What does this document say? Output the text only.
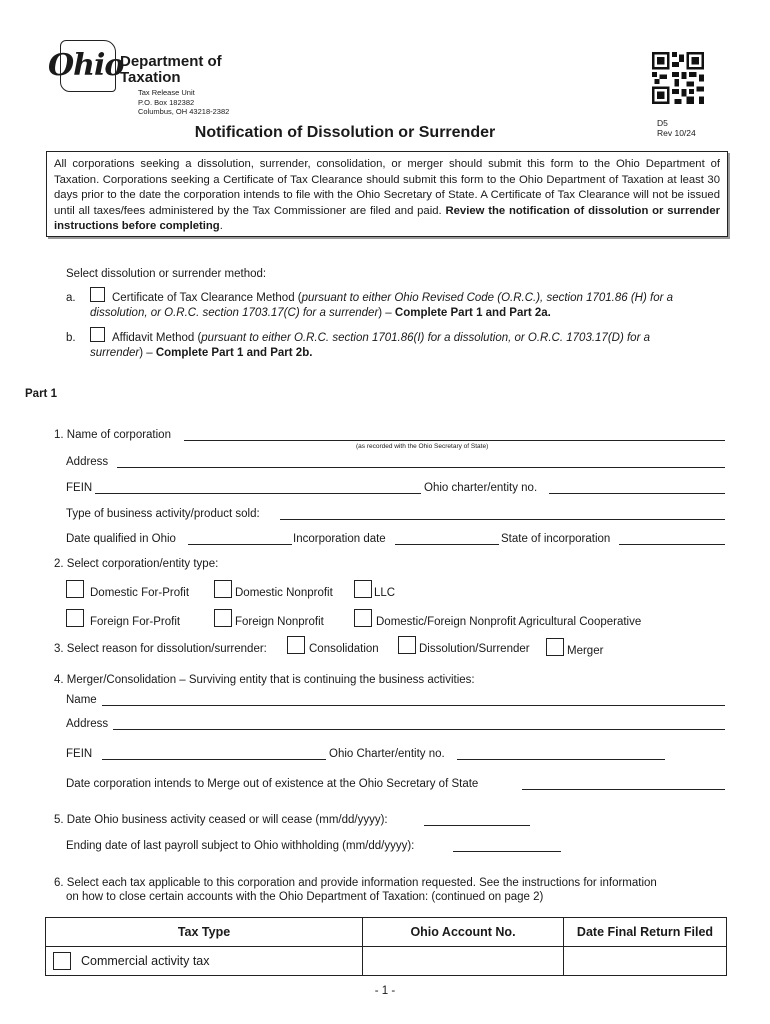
Ohio
Department of
Taxation
Tax Release Unit
P.O. Box 182382
Columbus, OH 43218-2382
D5
Rev 10/24
Notification of Dissolution or Surrender

All corporations seeking a dissolution, surrender, consolidation, or merger should submit this form to the Ohio Department of Taxation. Corporations seeking a Certificate of Tax Clearance should submit this form to the Ohio Department of Taxation at least 30 days prior to the date the corporation intends to file with the Ohio Secretary of State. A Certificate of Tax Clearance will not be issued until all taxes/fees administered by the Tax Commissioner are filed and paid. Review the notification of dissolution or surrender instructions before completing.

Select dissolution or surrender method:
a.	Certificate of Tax Clearance Method (pursuant to either Ohio Revised Code (O.R.C.), section 1701.86 (H) for a
dissolution, or O.R.C. section 1703.17(C) for a surrender) – Complete Part 1 and Part 2a.
b.	Affidavit Method (pursuant to either O.R.C. section 1701.86(I) for a dissolution, or O.R.C. 1703.17(D) for a
surrender) – Complete Part 1 and Part 2b.
Part 1
1. Name of corporation
(as recorded with the Ohio Secretary of State)
Address
FEIN	Ohio charter/entity no.
Type of business activity/product sold:
Date qualified in Ohio	Incorporation date	State of incorporation
2. Select corporation/entity type:
Domestic For-Profit	Domestic Nonprofit	LLC
Foreign For-Profit	Foreign Nonprofit	Domestic/Foreign Nonprofit Agricultural Cooperative
3. Select reason for dissolution/surrender:	Consolidation	Dissolution/Surrender	Merger
4. Merger/Consolidation – Surviving entity that is continuing the business activities:
Name
Address
FEIN	Ohio Charter/entity no.
Date corporation intends to Merge out of existence at the Ohio Secretary of State
5. Date Ohio business activity ceased or will cease (mm/dd/yyyy):
Ending date of last payroll subject to Ohio withholding (mm/dd/yyyy):
6. Select each tax applicable to this corporation and provide information requested. See the instructions for information
on how to close certain accounts with the Ohio Department of Taxation: (continued on page 2)
Tax Type	Ohio Account No.	Date Final Return Filed

Commercial activity tax		

- 1 -
